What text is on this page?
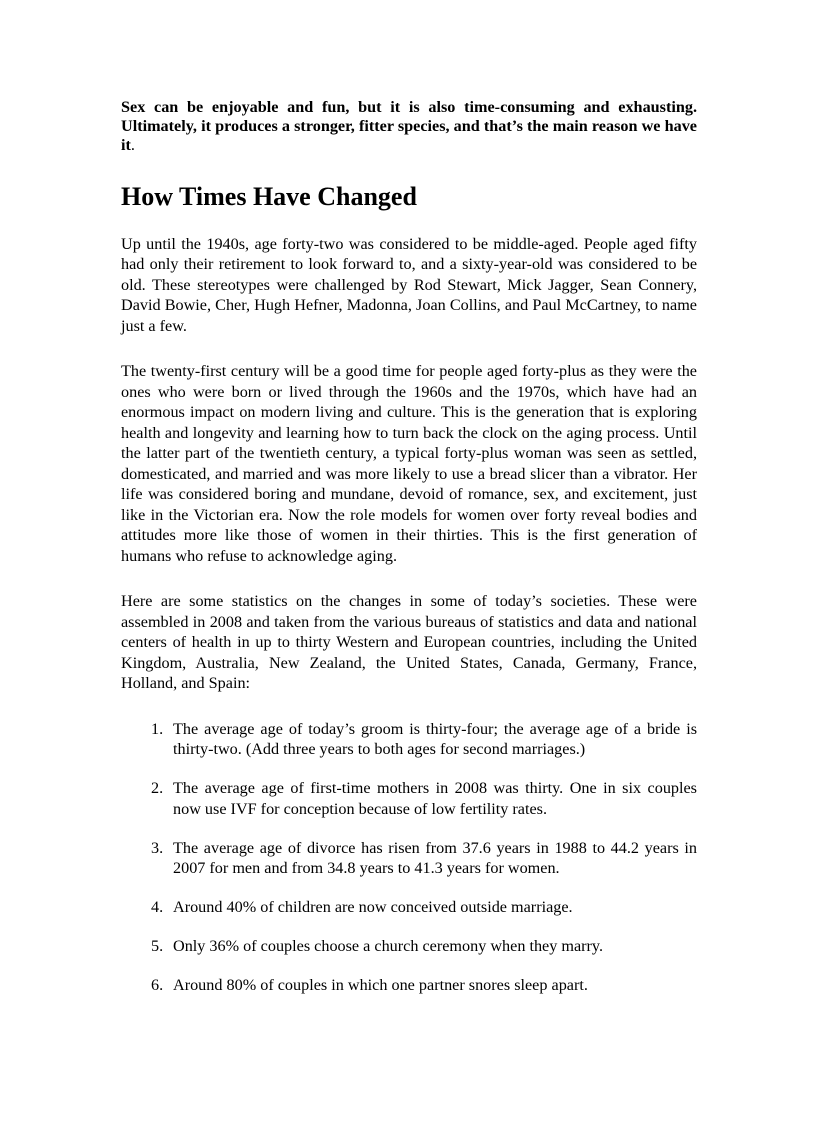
Sex can be enjoyable and fun, but it is also time-consuming and exhausting. Ultimately, it produces a stronger, fitter species, and that’s the main reason we have it.

How Times Have Changed

Up until the 1940s, age forty-two was considered to be middle-aged. People aged fifty had only their retirement to look forward to, and a sixty-year-old was considered to be old. These stereotypes were challenged by Rod Stewart, Mick Jagger, Sean Connery, David Bowie, Cher, Hugh Hefner, Madonna, Joan Collins, and Paul McCartney, to name just a few.

The twenty-first century will be a good time for people aged forty-plus as they were the ones who were born or lived through the 1960s and the 1970s, which have had an enormous impact on modern living and culture. This is the generation that is exploring health and longevity and learning how to turn back the clock on the aging process. Until the latter part of the twentieth century, a typical forty-plus woman was seen as settled, domesticated, and married and was more likely to use a bread slicer than a vibrator. Her life was considered boring and mundane, devoid of romance, sex, and excitement, just like in the Victorian era. Now the role models for women over forty reveal bodies and attitudes more like those of women in their thirties. This is the first generation of humans who refuse to acknowledge aging.

Here are some statistics on the changes in some of today’s societies. These were assembled in 2008 and taken from the various bureaus of statistics and data and national centers of health in up to thirty Western and European countries, including the United Kingdom, Australia, New Zealand, the United States, Canada, Germany, France, Holland, and Spain:

1. The average age of today’s groom is thirty-four; the average age of a bride is thirty-two. (Add three years to both ages for second marriages.)
2. The average age of first-time mothers in 2008 was thirty. One in six couples now use IVF for conception because of low fertility rates.
3. The average age of divorce has risen from 37.6 years in 1988 to 44.2 years in 2007 for men and from 34.8 years to 41.3 years for women.
4. Around 40% of children are now conceived outside marriage.
5. Only 36% of couples choose a church ceremony when they marry.
6. Around 80% of couples in which one partner snores sleep apart.
